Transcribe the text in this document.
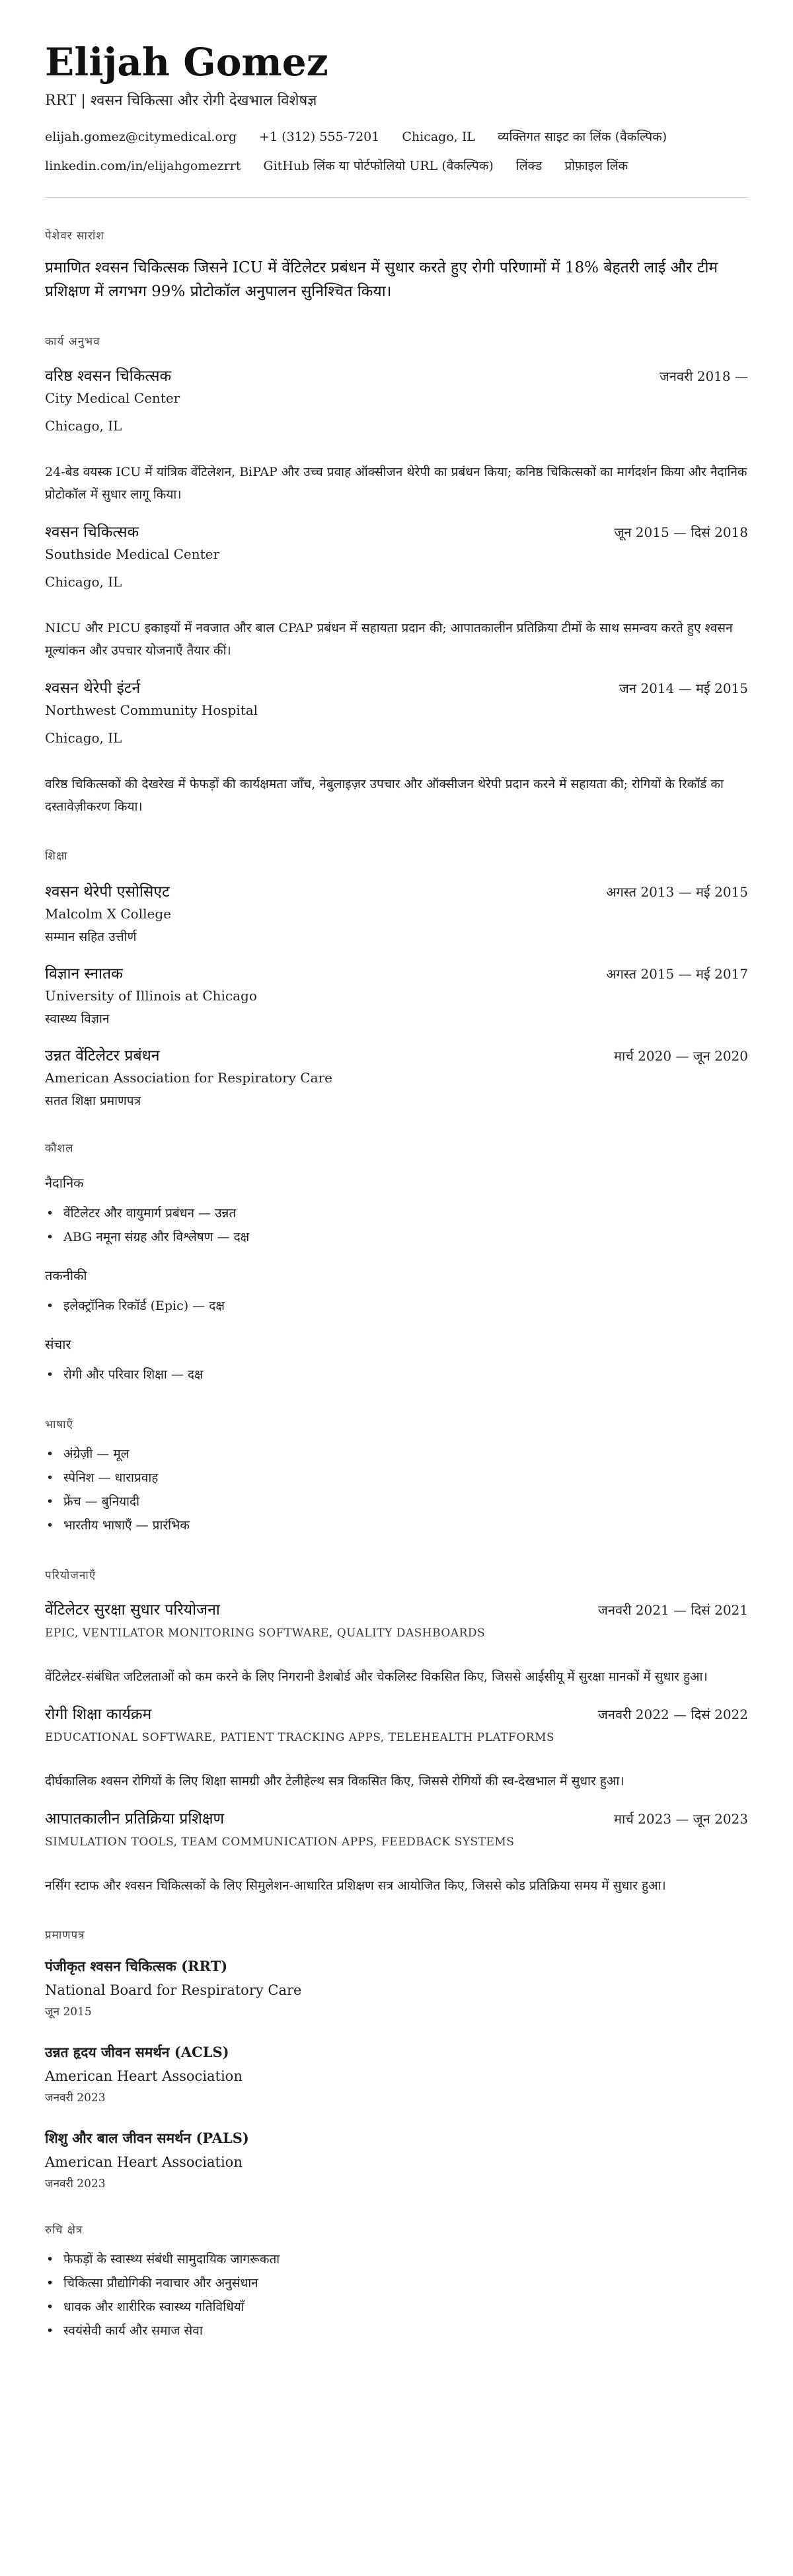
Elijah Gomez
RRT | श्वसन चिकित्सा और रोगी देखभाल विशेषज्ञ
elijah.gomez@citymedical.org +1 (312) 555-7201 Chicago, IL व्यक्तिगत साइट का लिंक (वैकल्पिक)
linkedin.com/in/elijahgomezrrt GitHub लिंक या पोर्टफोलियो URL (वैकल्पिक) लिंक्ड प्रोफ़ाइल लिंक
पेशेवर सारांश

प्रमाणित श्वसन चिकित्सक जिसने ICU में वेंटिलेटर प्रबंधन में सुधार करते हुए रोगी परिणामों में 18% बेहतरी लाई और टीम प्रशिक्षण में लगभग 99% प्रोटोकॉल अनुपालन सुनिश्चित किया।

कार्य अनुभव
वरिष्ठ श्वसन चिकित्सक	जनवरी 2018 —
City Medical Center
Chicago, IL

24-बेड वयस्क ICU में यांत्रिक वेंटिलेशन, BiPAP और उच्च प्रवाह ऑक्सीजन थेरेपी का प्रबंधन किया; कनिष्ठ चिकित्सकों का मार्गदर्शन किया और नैदानिक प्रोटोकॉल में सुधार लागू किया।

श्वसन चिकित्सक	जून 2015 — दिसं 2018
Southside Medical Center
Chicago, IL

NICU और PICU इकाइयों में नवजात और बाल CPAP प्रबंधन में सहायता प्रदान की; आपातकालीन प्रतिक्रिया टीमों के साथ समन्वय करते हुए श्वसन मूल्यांकन और उपचार योजनाएँ तैयार कीं।

श्वसन थेरेपी इंटर्न	जन 2014 — मई 2015
Northwest Community Hospital
Chicago, IL

वरिष्ठ चिकित्सकों की देखरेख में फेफड़ों की कार्यक्षमता जाँच, नेबुलाइज़र उपचार और ऑक्सीजन थेरेपी प्रदान करने में सहायता की; रोगियों के रिकॉर्ड का दस्तावेज़ीकरण किया।

शिक्षा
श्वसन थेरेपी एसोसिएट	अगस्त 2013 — मई 2015
Malcolm X College
सम्मान सहित उत्तीर्ण
विज्ञान स्नातक	अगस्त 2015 — मई 2017
University of Illinois at Chicago
स्वास्थ्य विज्ञान
उन्नत वेंटिलेटर प्रबंधन	मार्च 2020 — जून 2020
American Association for Respiratory Care
सतत शिक्षा प्रमाणपत्र
कौशल
नैदानिक
• वेंटिलेटर और वायुमार्ग प्रबंधन — उन्नत
• ABG नमूना संग्रह और विश्लेषण — दक्ष
तकनीकी
• इलेक्ट्रॉनिक रिकॉर्ड (Epic) — दक्ष
संचार
• रोगी और परिवार शिक्षा — दक्ष
भाषाएँ
• अंग्रेज़ी — मूल
• स्पेनिश — धाराप्रवाह
• फ्रेंच — बुनियादी
• भारतीय भाषाएँ — प्रारंभिक
परियोजनाएँ
वेंटिलेटर सुरक्षा सुधार परियोजना	जनवरी 2021 — दिसं 2021
EPIC, VENTILATOR MONITORING SOFTWARE, QUALITY DASHBOARDS

वेंटिलेटर-संबंधित जटिलताओं को कम करने के लिए निगरानी डैशबोर्ड और चेकलिस्ट विकसित किए, जिससे आईसीयू में सुरक्षा मानकों में सुधार हुआ।

रोगी शिक्षा कार्यक्रम	जनवरी 2022 — दिसं 2022
EDUCATIONAL SOFTWARE, PATIENT TRACKING APPS, TELEHEALTH PLATFORMS

दीर्घकालिक श्वसन रोगियों के लिए शिक्षा सामग्री और टेलीहेल्थ सत्र विकसित किए, जिससे रोगियों की स्व-देखभाल में सुधार हुआ।

आपातकालीन प्रतिक्रिया प्रशिक्षण	मार्च 2023 — जून 2023
SIMULATION TOOLS, TEAM COMMUNICATION APPS, FEEDBACK SYSTEMS

नर्सिंग स्टाफ और श्वसन चिकित्सकों के लिए सिमुलेशन-आधारित प्रशिक्षण सत्र आयोजित किए, जिससे कोड प्रतिक्रिया समय में सुधार हुआ।

प्रमाणपत्र
पंजीकृत श्वसन चिकित्सक (RRT)
National Board for Respiratory Care
जून 2015
उन्नत हृदय जीवन समर्थन (ACLS)
American Heart Association
जनवरी 2023
शिशु और बाल जीवन समर्थन (PALS)
American Heart Association
जनवरी 2023
रुचि क्षेत्र
• फेफड़ों के स्वास्थ्य संबंधी सामुदायिक जागरूकता
• चिकित्सा प्रौद्योगिकी नवाचार और अनुसंधान
• धावक और शारीरिक स्वास्थ्य गतिविधियाँ
• स्वयंसेवी कार्य और समाज सेवा
